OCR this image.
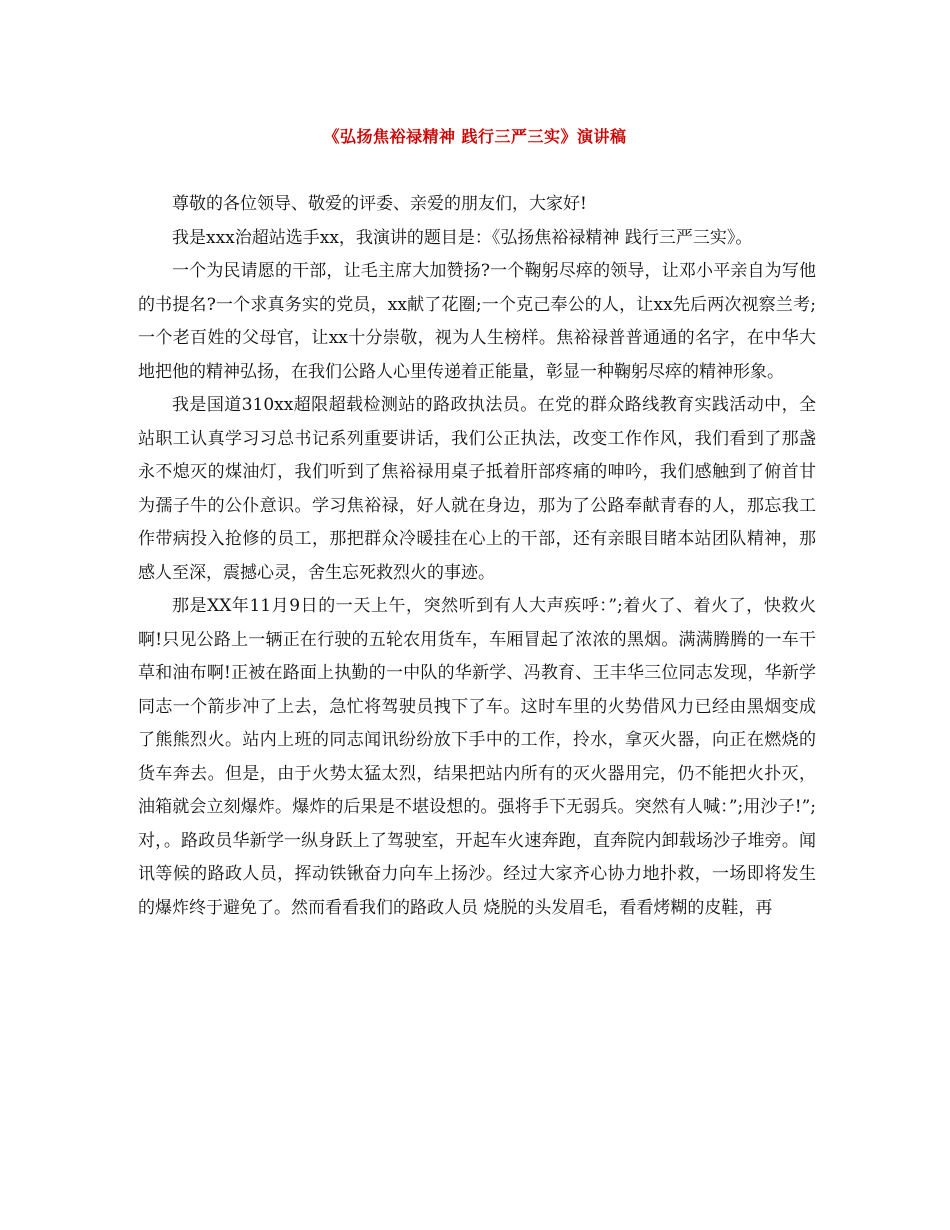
《弘扬焦裕禄精神 践行三严三实》演讲稿

尊敬的各位领导、敬爱的评委、亲爱的朋友们，大家好!

我是xxx治超站选手xx，我演讲的题目是：《弘扬焦裕禄精神 践行三严三实》。

一个为民请愿的干部，让毛主席大加赞扬?一个鞠躬尽瘁的领导，让邓小平亲自为写他的书提名?一个求真务实的党员，xx献了花圈;一个克己奉公的人，让xx先后两次视察兰考;一个老百姓的父母官，让xx十分崇敬，视为人生榜样。焦裕禄普普通通的名字，在中华大地把他的精神弘扬，在我们公路人心里传递着正能量，彰显一种鞠躬尽瘁的精神形象。

我是国道310xx超限超载检测站的路政执法员。在党的群众路线教育实践活动中，全站职工认真学习习总书记系列重要讲话，我们公正执法，改变工作作风，我们看到了那盏永不熄灭的煤油灯，我们听到了焦裕禄用桌子抵着肝部疼痛的呻吟，我们感触到了俯首甘为孺子牛的公仆意识。学习焦裕禄，好人就在身边，那为了公路奉献青春的人，那忘我工作带病投入抢修的员工，那把群众冷暖挂在心上的干部，还有亲眼目睹本站团队精神，那感人至深，震撼心灵，舍生忘死救烈火的事迹。

那是XX年11月9日的一天上午，突然听到有人大声疾呼：”;着火了、着火了，快救火啊!只见公路上一辆正在行驶的五轮农用货车，车厢冒起了浓浓的黑烟。满满腾腾的一车干草和油布啊!正被在路面上执勤的一中队的华新学、冯教育、王丰华三位同志发现，华新学同志一个箭步冲了上去，急忙将驾驶员拽下了车。这时车里的火势借风力已经由黑烟变成了熊熊烈火。站内上班的同志闻讯纷纷放下手中的工作，拎水，拿灭火器，向正在燃烧的货车奔去。但是，由于火势太猛太烈，结果把站内所有的灭火器用完，仍不能把火扑灭，油箱就会立刻爆炸。爆炸的后果是不堪设想的。强将手下无弱兵。突然有人喊：”;用沙子!”;对，。路政员华新学一纵身跃上了驾驶室，开起车火速奔跑，直奔院内卸载场沙子堆旁。闻讯等候的路政人员，挥动铁锹奋力向车上扬沙。经过大家齐心协力地扑救，一场即将发生的爆炸终于避免了。然而看看我们的路政人员 烧脱的头发眉毛，看看烤糊的皮鞋，再
